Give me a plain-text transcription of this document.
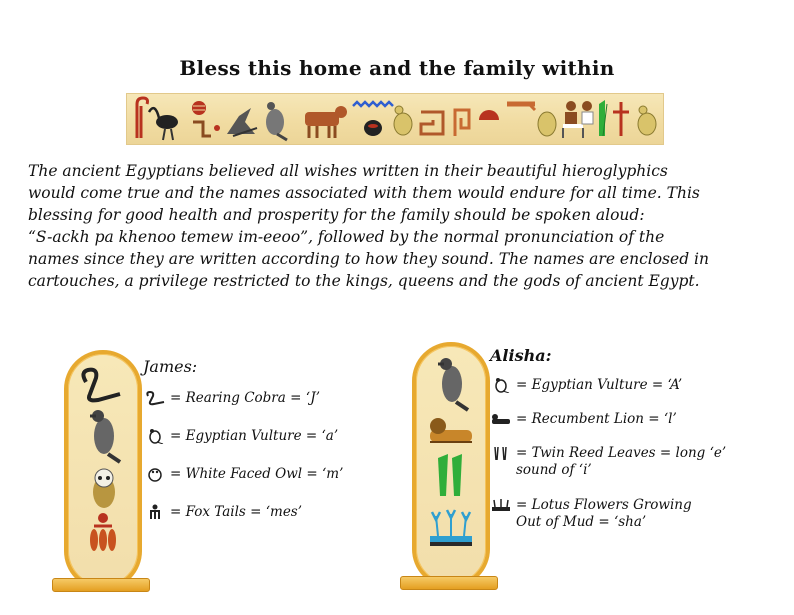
Bless this home and the family within

The ancient Egyptians believed all wishes written in their beautiful hieroglyphics

would come true and the names associated with them would endure for all time. This

blessing for good health and prosperity for the family should be spoken aloud:

“S-ackh pa khenoo temew im-eeoo”, followed by the normal pronunciation of the

names since they are written according to how they sound. The names are enclosed in

cartouches, a privilege restricted to the kings, queens and the gods of ancient Egypt.

James:
= Rearing Cobra = ‘J’
= Egyptian Vulture = ‘a’
= White Faced Owl = ‘m’
= Fox Tails = ‘mes’
Alisha:
= Egyptian Vulture = ‘A’
= Recumbent Lion = ‘l’
= Twin Reed Leaves = long ‘e’
sound of ‘i’
= Lotus Flowers Growing
Out of Mud = ‘sha’
